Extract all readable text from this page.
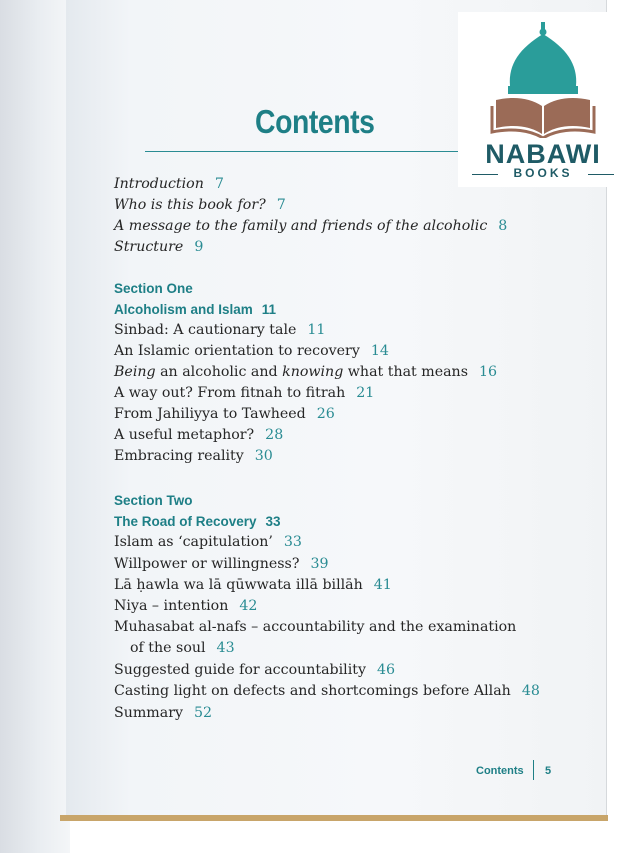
Contents
Introduction 7
Who is this book for? 7
A message to the family and friends of the alcoholic 8
Structure 9
Section One
Alcoholism and Islam 11
Sinbad: A cautionary tale 11
An Islamic orientation to recovery 14
Being an alcoholic and knowing what that means 16
A way out? From fitnah to fitrah 21
From Jahiliyya to Tawheed 26
A useful metaphor? 28
Embracing reality 30
Section Two
The Road of Recovery 33
Islam as ‘capitulation’ 33
Willpower or willingness? 39
Lā ḥawla wa lā qūwwata illā billāh 41
Niya – intention 42
Muhasabat al-nafs – accountability and the examination
of the soul 43
Suggested guide for accountability 46
Casting light on defects and shortcomings before Allah 48
Summary 52
Contents 5
NABAWI
BOOKS
